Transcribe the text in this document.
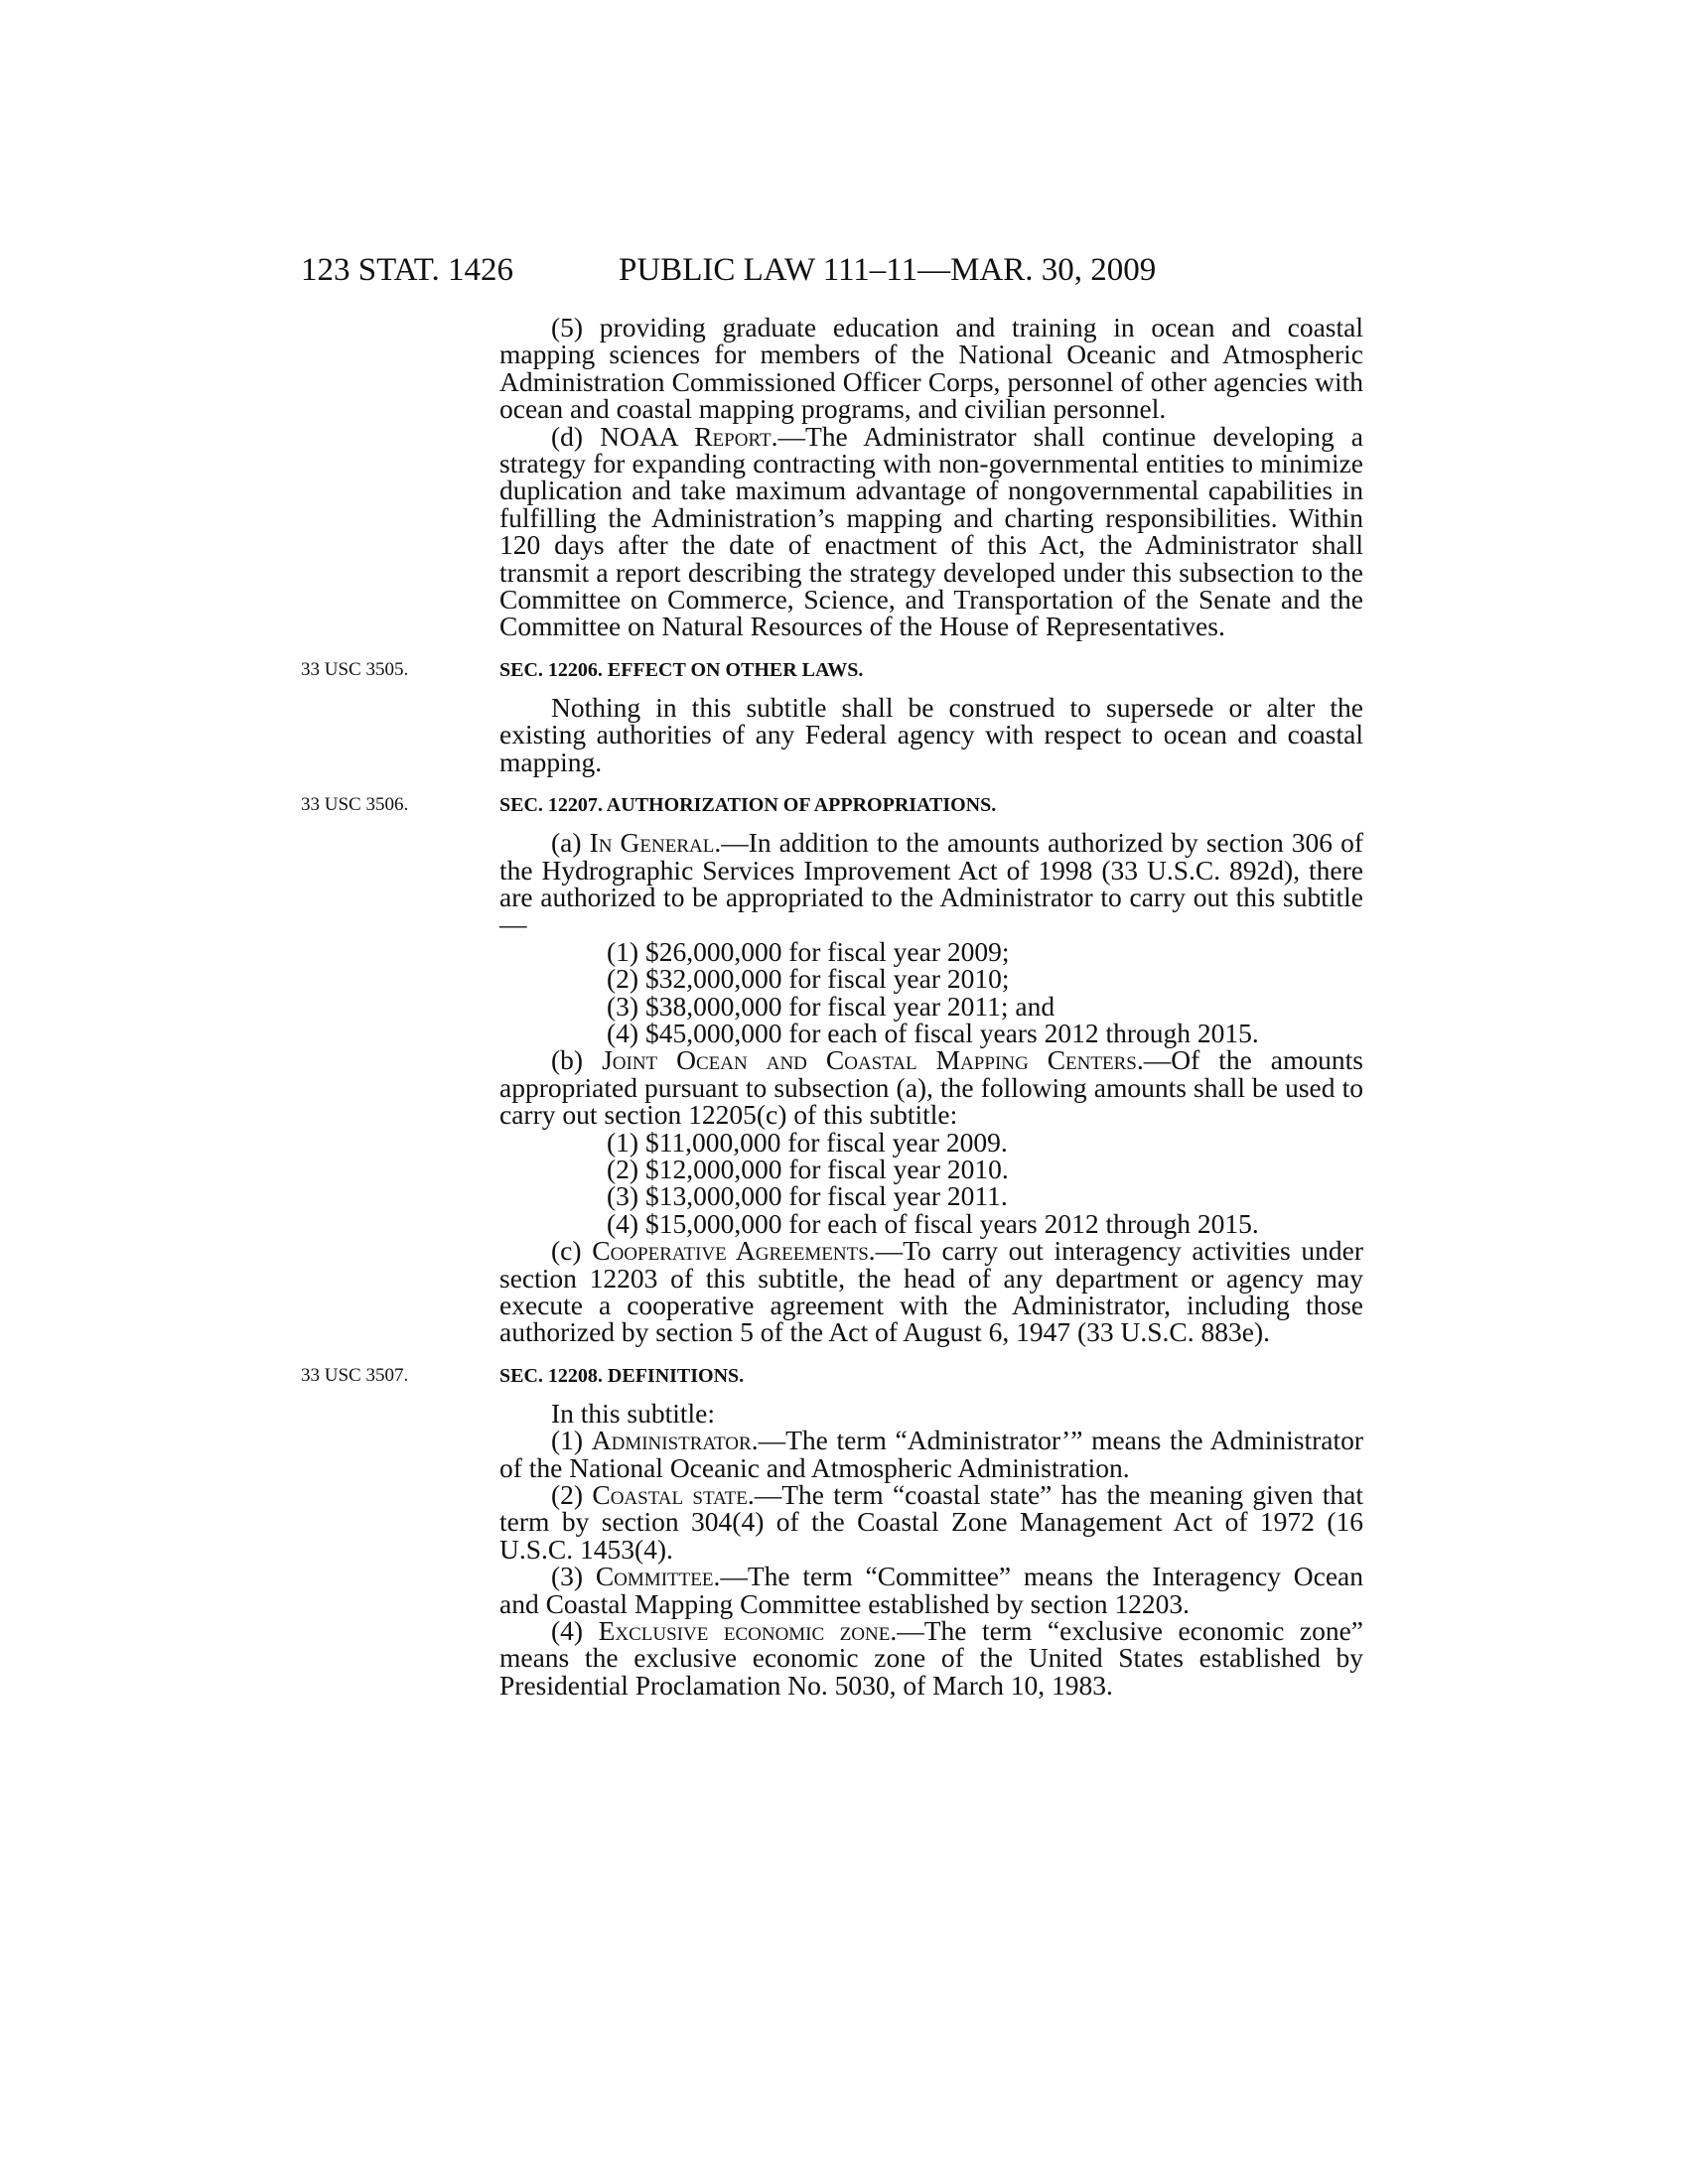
123 STAT. 1426	PUBLIC LAW 111–11—MAR. 30, 2009

(5) providing graduate education and training in ocean and coastal mapping sciences for members of the National Oceanic and Atmospheric Administration Commissioned Officer Corps, personnel of other agencies with ocean and coastal mapping programs, and civilian personnel.

(d) NOAA Report.—The Administrator shall continue developing a strategy for expanding contracting with non-governmental entities to minimize duplication and take maximum advantage of nongovernmental capabilities in fulfilling the Administration’s mapping and charting responsibilities. Within 120 days after the date of enactment of this Act, the Administrator shall transmit a report describing the strategy developed under this subsection to the Committee on Commerce, Science, and Transportation of the Senate and the Committee on Natural Resources of the House of Representatives.

33 USC 3505.	SEC. 12206. EFFECT ON OTHER LAWS.

Nothing in this subtitle shall be construed to supersede or alter the existing authorities of any Federal agency with respect to ocean and coastal mapping.

33 USC 3506.	SEC. 12207. AUTHORIZATION OF APPROPRIATIONS.

(a) In General.—In addition to the amounts authorized by section 306 of the Hydrographic Services Improvement Act of 1998 (33 U.S.C. 892d), there are authorized to be appropriated to the Administrator to carry out this subtitle—

(1) $26,000,000 for fiscal year 2009;

(2) $32,000,000 for fiscal year 2010;

(3) $38,000,000 for fiscal year 2011; and

(4) $45,000,000 for each of fiscal years 2012 through 2015.

(b) Joint Ocean and Coastal Mapping Centers.—Of the amounts appropriated pursuant to subsection (a), the following amounts shall be used to carry out section 12205(c) of this subtitle:

(1) $11,000,000 for fiscal year 2009.

(2) $12,000,000 for fiscal year 2010.

(3) $13,000,000 for fiscal year 2011.

(4) $15,000,000 for each of fiscal years 2012 through 2015.

(c) Cooperative Agreements.—To carry out interagency activities under section 12203 of this subtitle, the head of any department or agency may execute a cooperative agreement with the Administrator, including those authorized by section 5 of the Act of August 6, 1947 (33 U.S.C. 883e).

33 USC 3507.	SEC. 12208. DEFINITIONS.

In this subtitle:

(1) Administrator.—The term “Administrator’” means the Administrator of the National Oceanic and Atmospheric Administration.

(2) Coastal state.—The term “coastal state” has the meaning given that term by section 304(4) of the Coastal Zone Management Act of 1972 (16 U.S.C. 1453(4).

(3) Committee.—The term “Committee” means the Interagency Ocean and Coastal Mapping Committee established by section 12203.

(4) Exclusive economic zone.—The term “exclusive economic zone” means the exclusive economic zone of the United States established by Presidential Proclamation No. 5030, of March 10, 1983.
